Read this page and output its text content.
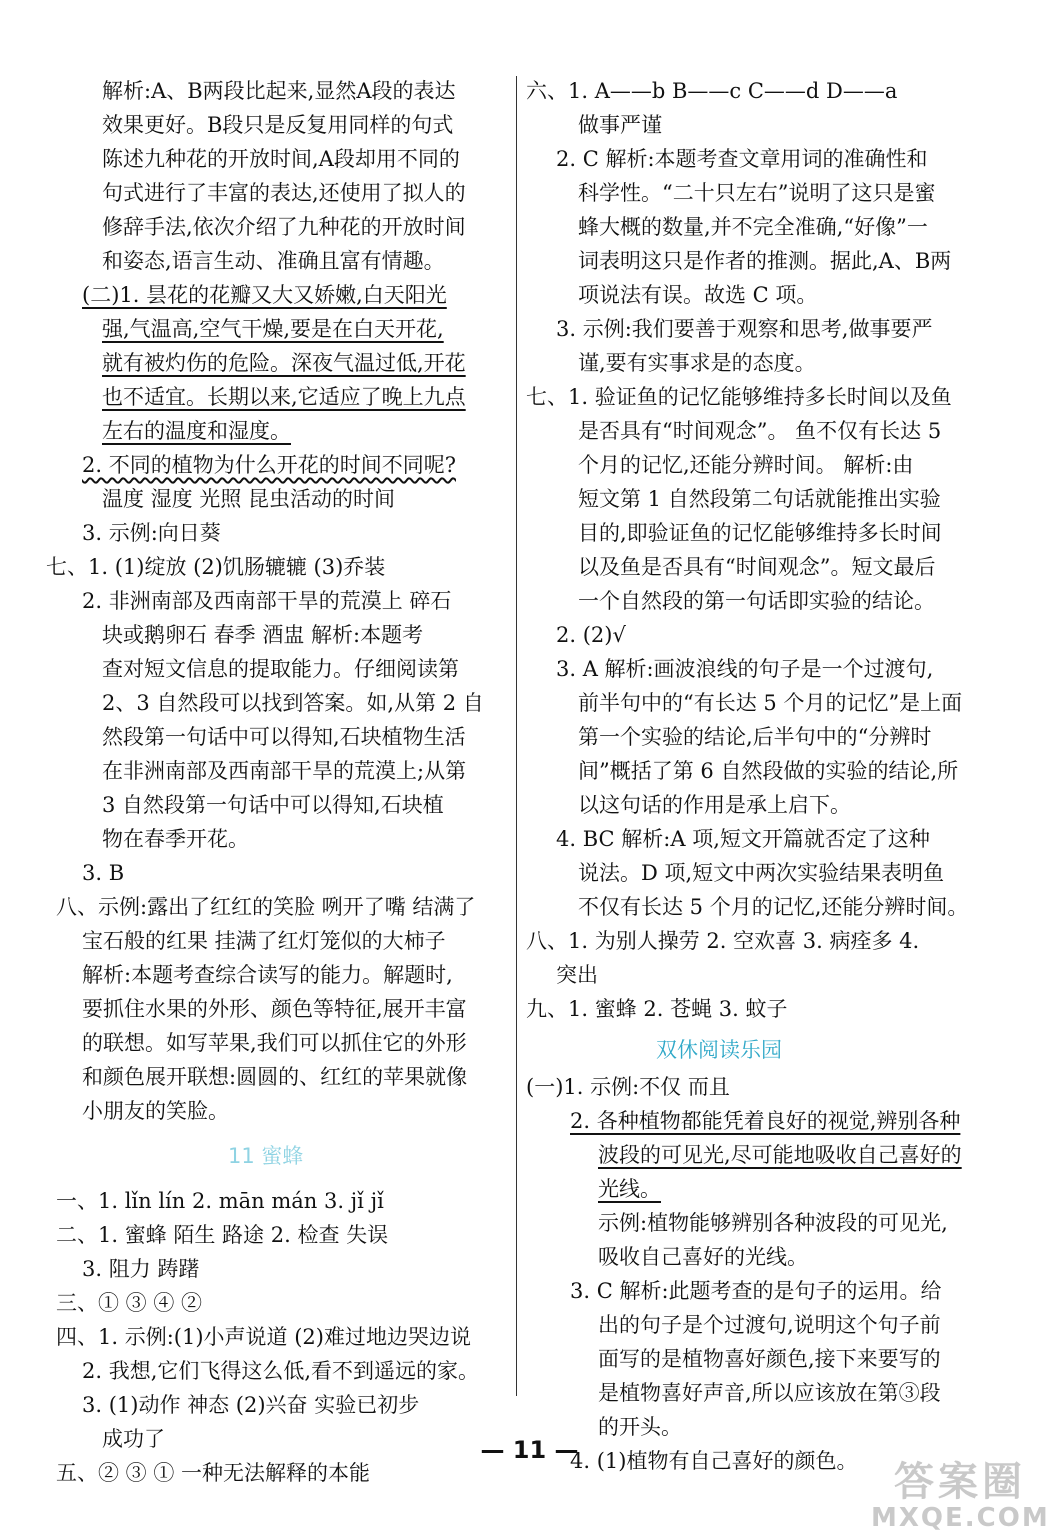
解析:A、B两段比起来,显然A段的表达
效果更好。B段只是反复用同样的句式
陈述九种花的开放时间,A段却用不同的
句式进行了丰富的表达,还使用了拟人的
修辞手法,依次介绍了九种花的开放时间
和姿态,语言生动、准确且富有情趣。
(二)1. 昙花的花瓣又大又娇嫩,白天阳光
强,气温高,空气干燥,要是在白天开花,
就有被灼伤的危险。深夜气温过低,开花
也不适宜。长期以来,它适应了晚上九点
左右的温度和湿度。
2. 不同的植物为什么开花的时间不同呢?
温度 湿度 光照 昆虫活动的时间
3. 示例:向日葵
七、1. (1)绽放 (2)饥肠辘辘 (3)乔装
2. 非洲南部及西南部干旱的荒漠上 碎石
块或鹅卵石 春季 酒盅 解析:本题考
查对短文信息的提取能力。仔细阅读第
2、3 自然段可以找到答案。如,从第 2 自
然段第一句话中可以得知,石块植物生活
在非洲南部及西南部干旱的荒漠上;从第
3 自然段第一句话中可以得知,石块植
物在春季开花。
3. B
八、示例:露出了红红的笑脸 咧开了嘴 结满了
宝石般的红果 挂满了红灯笼似的大柿子
解析:本题考查综合读写的能力。解题时,
要抓住水果的外形、颜色等特征,展开丰富
的联想。如写苹果,我们可以抓住它的外形
和颜色展开联想:圆圆的、红红的苹果就像
小朋友的笑脸。
11 蜜蜂
一、1. lǐn lín 2. mān mán 3. jǐ jǐ
二、1. 蜜蜂 陌生 路途 2. 检查 失误
3. 阻力 踌躇
三、① ③ ④ ②
四、1. 示例:(1)小声说道 (2)难过地边哭边说
2. 我想,它们飞得这么低,看不到遥远的家。
3. (1)动作 神态 (2)兴奋 实验已初步
成功了
五、② ③ ① 一种无法解释的本能
六、1. A——b B——c C——d D——a
做事严谨
2. C 解析:本题考查文章用词的准确性和
科学性。“二十只左右”说明了这只是蜜
蜂大概的数量,并不完全准确,“好像”一
词表明这只是作者的推测。据此,A、B两
项说法有误。故选 C 项。
3. 示例:我们要善于观察和思考,做事要严
谨,要有实事求是的态度。
七、1. 验证鱼的记忆能够维持多长时间以及鱼
是否具有“时间观念”。 鱼不仅有长达 5
个月的记忆,还能分辨时间。 解析:由
短文第 1 自然段第二句话就能推出实验
目的,即验证鱼的记忆能够维持多长时间
以及鱼是否具有“时间观念”。短文最后
一个自然段的第一句话即实验的结论。
2. (2)√
3. A 解析:画波浪线的句子是一个过渡句,
前半句中的“有长达 5 个月的记忆”是上面
第一个实验的结论,后半句中的“分辨时
间”概括了第 6 自然段做的实验的结论,所
以这句话的作用是承上启下。
4. BC 解析:A 项,短文开篇就否定了这种
说法。D 项,短文中两次实验结果表明鱼
不仅有长达 5 个月的记忆,还能分辨时间。
八、1. 为别人操劳 2. 空欢喜 3. 病痊多 4.
突出
九、1. 蜜蜂 2. 苍蝇 3. 蚊子
双休阅读乐园
(一)1. 示例:不仅 而且
2. 各种植物都能凭着良好的视觉,辨别各种
波段的可见光,尽可能地吸收自己喜好的
光线。
示例:植物能够辨别各种波段的可见光,
吸收自己喜好的光线。
3. C 解析:此题考查的是句子的运用。给
出的句子是个过渡句,说明这个句子前
面写的是植物喜好颜色,接下来要写的
是植物喜好声音,所以应该放在第③段
的开头。
4. (1)植物有自己喜好的颜色。
— 11 —
答案圈
MXQE.COM
